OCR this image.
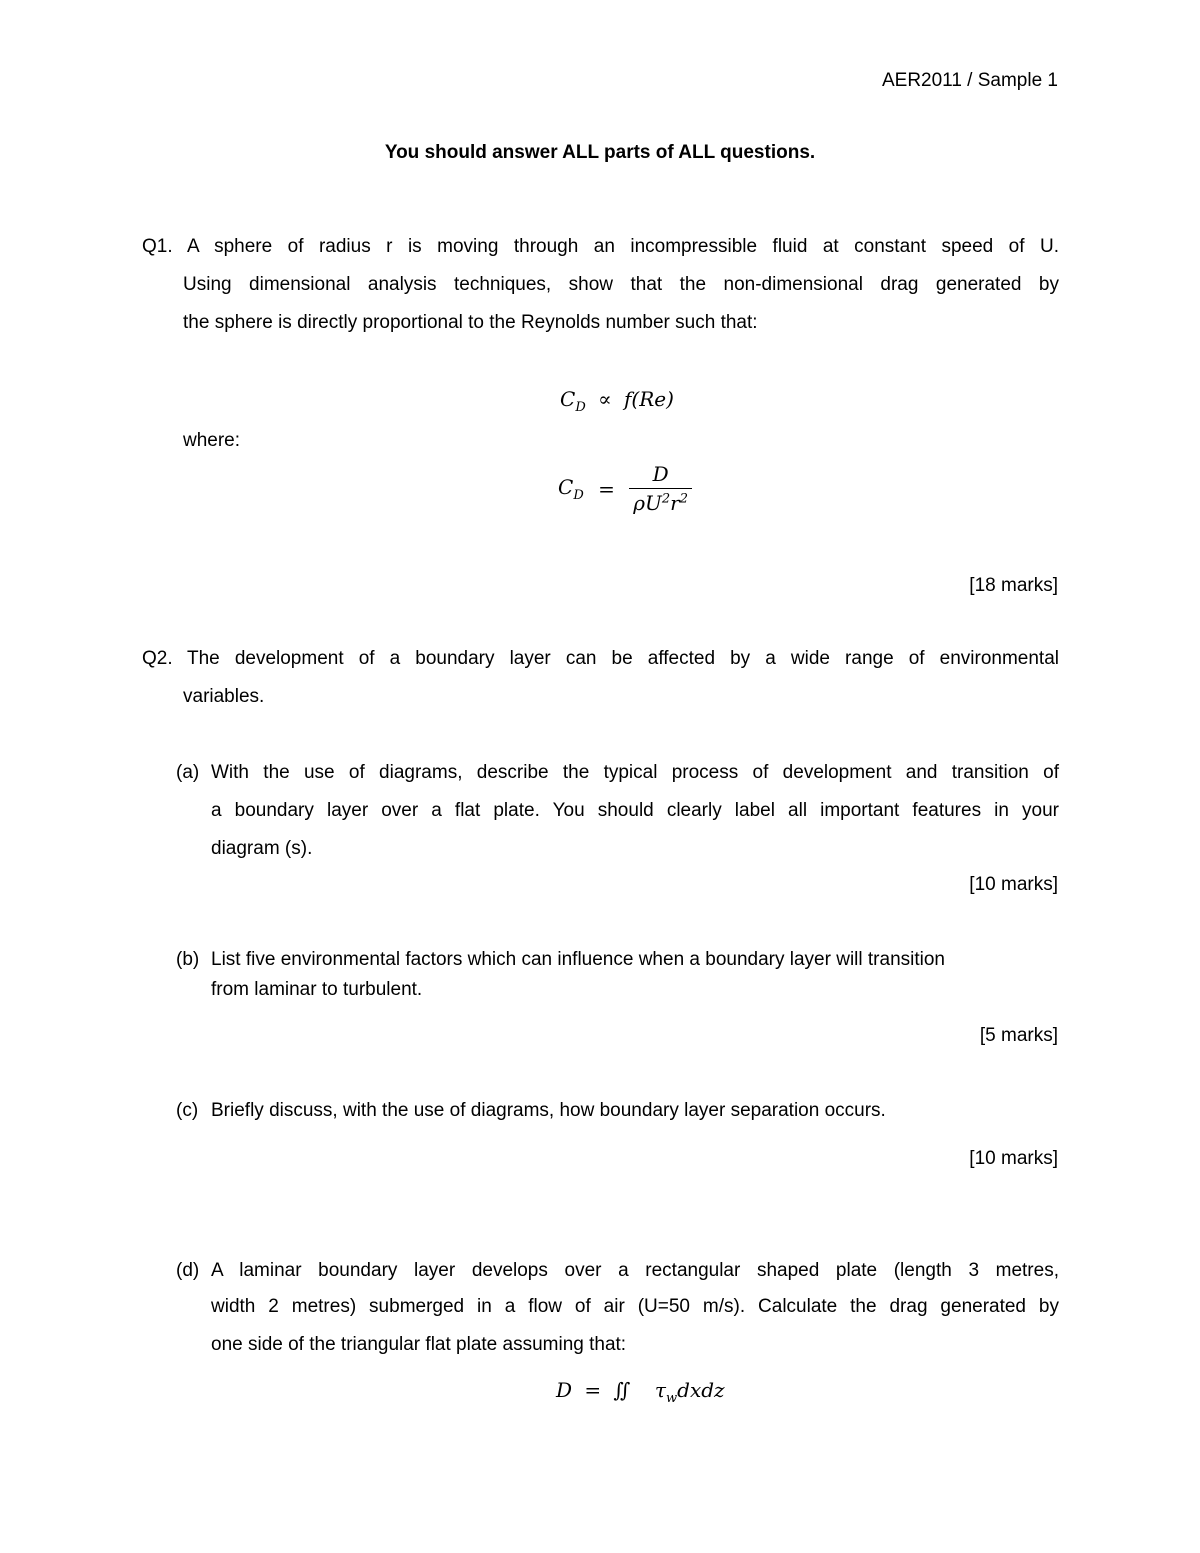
AER2011 / Sample 1
You should answer ALL parts of ALL questions.
Q1. A sphere of radius r is moving through an incompressible fluid at constant speed of U.
Using dimensional analysis techniques, show that the non-dimensional drag generated by
the sphere is directly proportional to the Reynolds number such that:
$C_D \propto f(Re)$
where:
$C_D = \frac{D}{\rho U^2r^2}$
[18 marks]
Q2. The development of a boundary layer can be affected by a wide range of environmental
variables.
(a) With the use of diagrams, describe the typical process of development and transition of
a boundary layer over a flat plate. You should clearly label all important features in your
diagram (s).
[10 marks]
(b) List five environmental factors which can influence when a boundary layer will transition
from laminar to turbulent.
[5 marks]
(c) Briefly discuss, with the use of diagrams, how boundary layer separation occurs.
[10 marks]
(d) A laminar boundary layer develops over a rectangular shaped plate (length 3 metres,
width 2 metres) submerged in a flow of air (U=50 m/s). Calculate the drag generated by
one side of the triangular flat plate assuming that:
D = ∬ $\tau_wdxdz$
